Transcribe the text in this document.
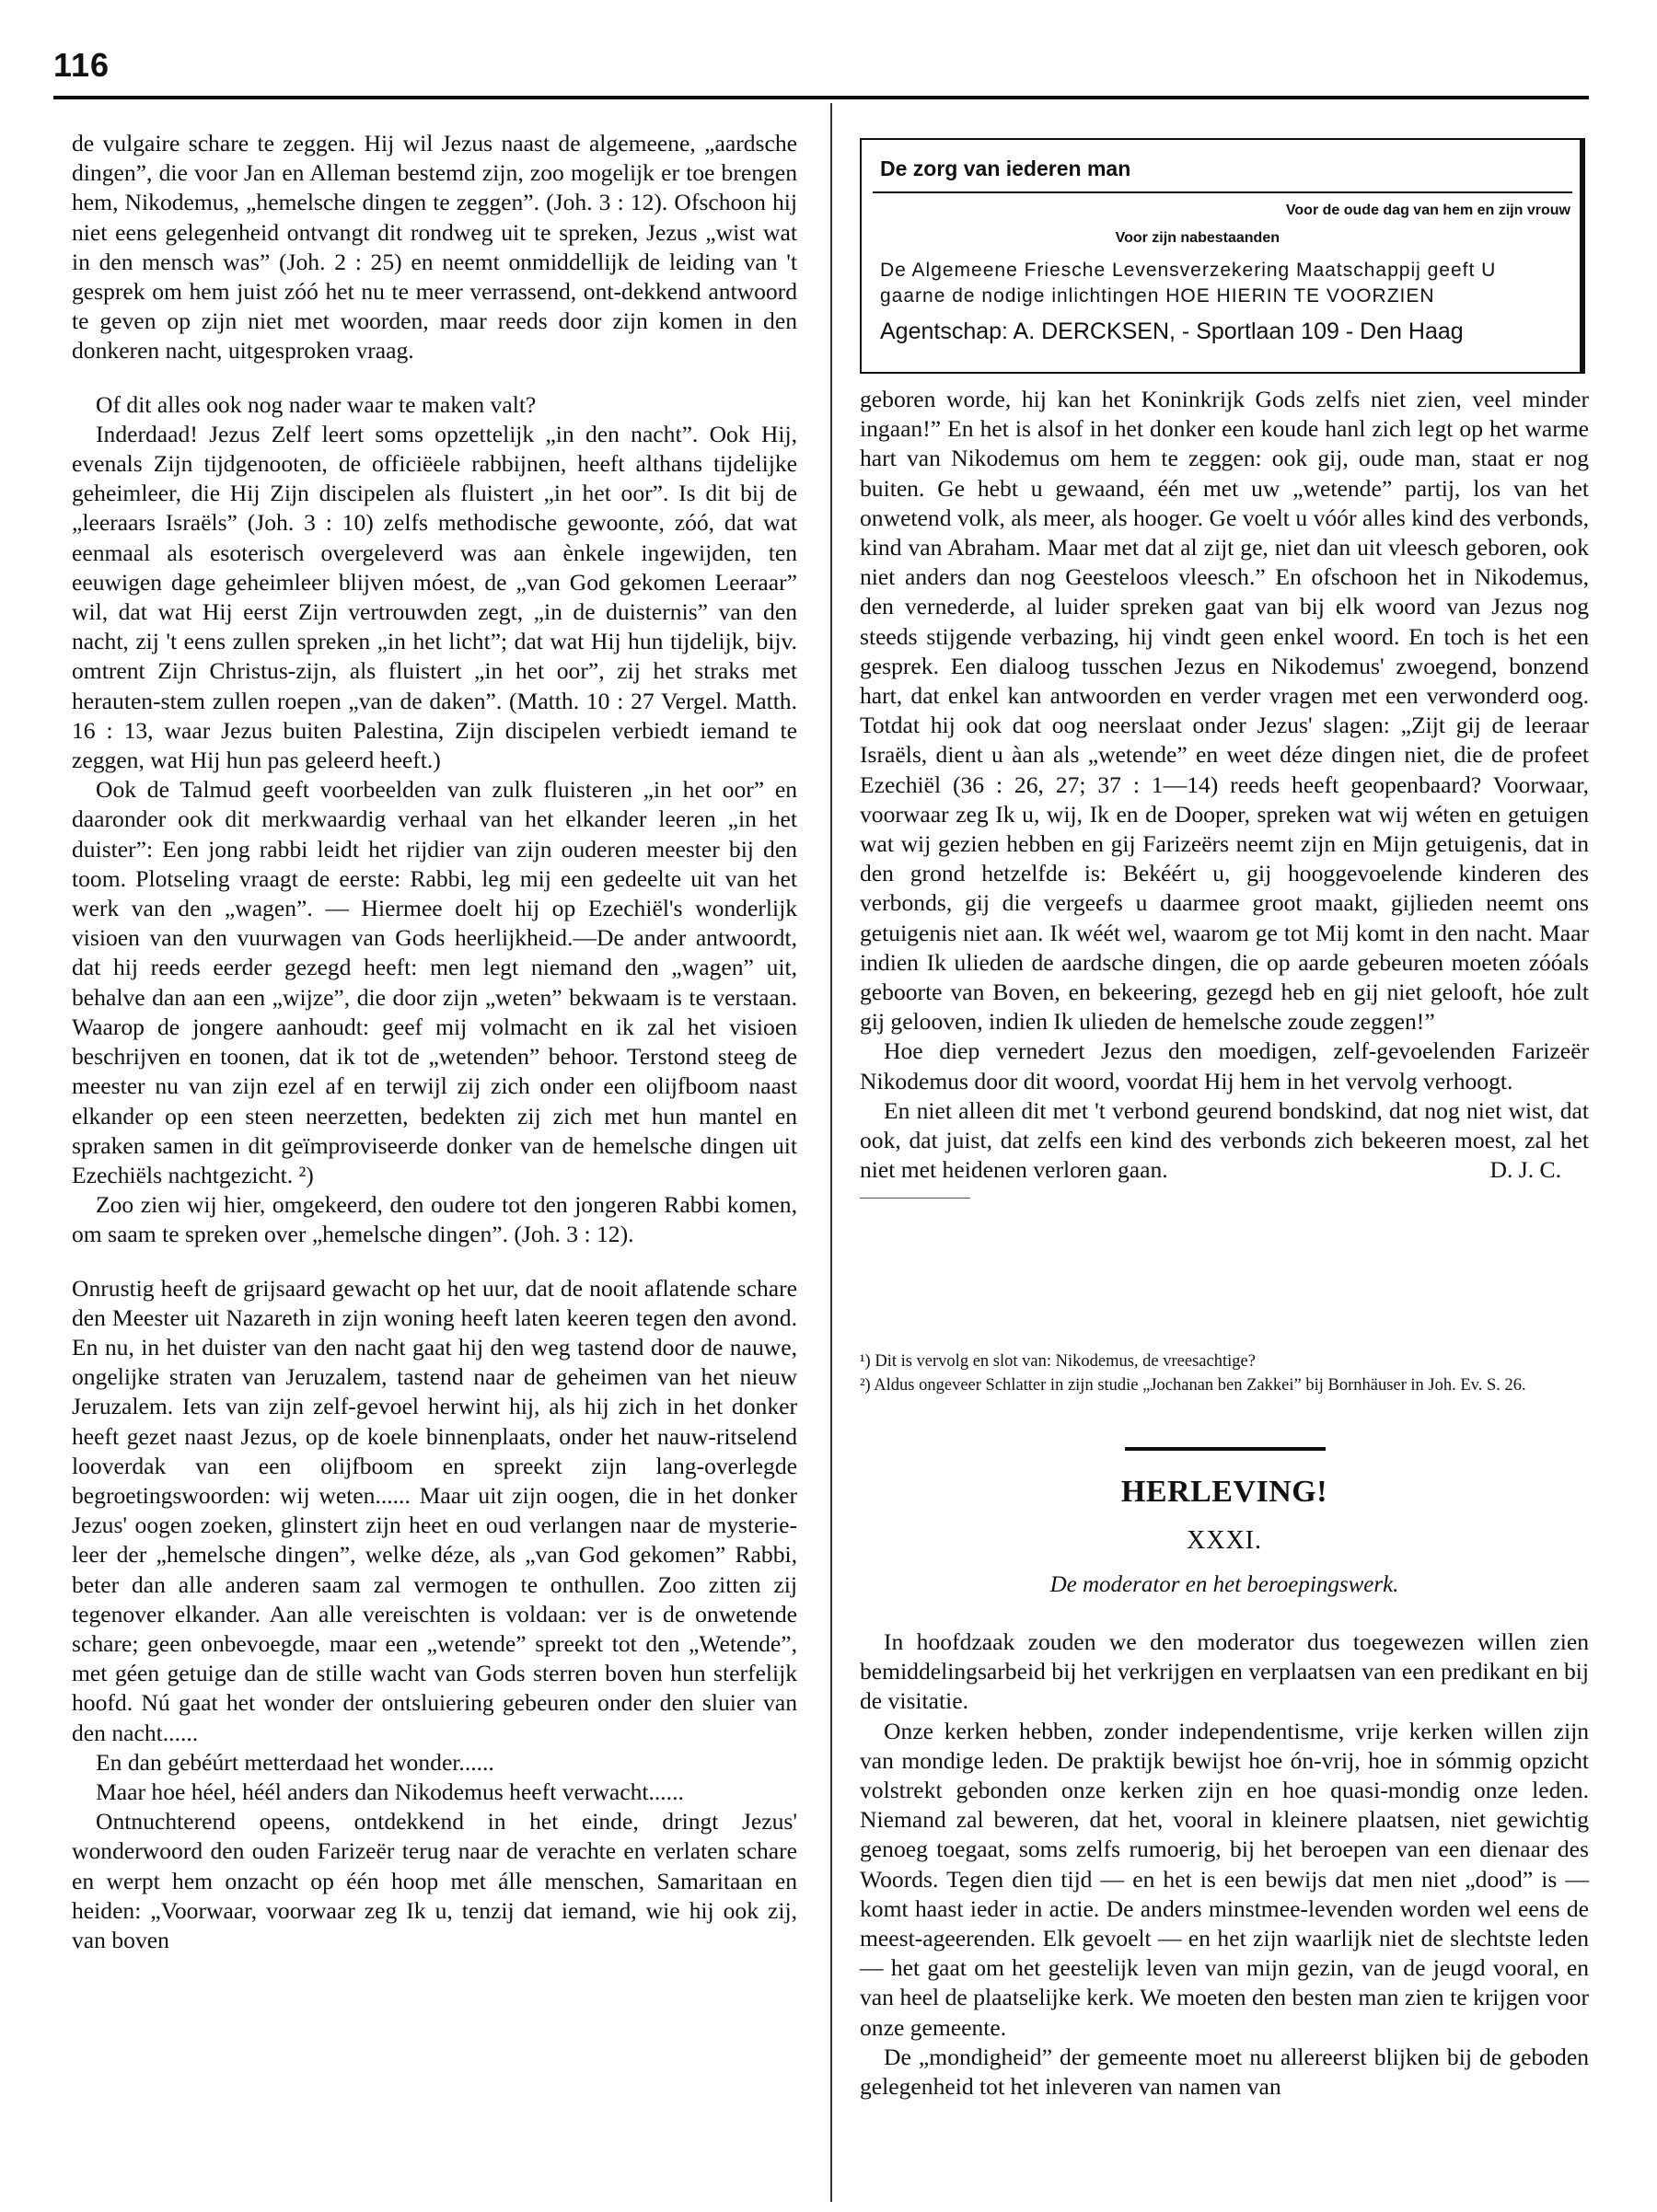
116

de vulgaire schare te zeggen. Hij wil Jezus naast de algemeene, „aardsche dingen”, die voor Jan en Alleman bestemd zijn, zoo mogelijk er toe brengen hem, Nikodemus, „hemelsche dingen te zeggen”. (Joh. 3 : 12). Ofschoon hij niet eens gelegenheid ontvangt dit rondweg uit te spreken, Jezus „wist wat in den mensch was” (Joh. 2 : 25) en neemt onmiddellijk de leiding van 't gesprek om hem juist zóó het nu te meer verrassend, ont-dekkend antwoord te geven op zijn niet met woorden, maar reeds door zijn komen in den donkeren nacht, uitgesproken vraag.

Of dit alles ook nog nader waar te maken valt?

Inderdaad! Jezus Zelf leert soms opzettelijk „in den nacht”. Ook Hij, evenals Zijn tijdgenooten, de officiëele rabbijnen, heeft althans tijdelijke geheimleer, die Hij Zijn discipelen als fluistert „in het oor”. Is dit bij de „leeraars Israëls” (Joh. 3 : 10) zelfs methodische gewoonte, zóó, dat wat eenmaal als esoterisch overgeleverd was aan ènkele ingewijden, ten eeuwigen dage geheimleer blijven móest, de „van God gekomen Leeraar” wil, dat wat Hij eerst Zijn vertrouwden zegt, „in de duisternis” van den nacht, zij 't eens zullen spreken „in het licht”; dat wat Hij hun tijdelijk, bijv. omtrent Zijn Christus-zijn, als fluistert „in het oor”, zij het straks met herauten-stem zullen roepen „van de daken”. (Matth. 10 : 27 Vergel. Matth. 16 : 13, waar Jezus buiten Palestina, Zijn discipelen verbiedt iemand te zeggen, wat Hij hun pas geleerd heeft.)

Ook de Talmud geeft voorbeelden van zulk fluisteren „in het oor” en daaronder ook dit merkwaardig verhaal van het elkander leeren „in het duister”: Een jong rabbi leidt het rijdier van zijn ouderen meester bij den toom. Plotseling vraagt de eerste: Rabbi, leg mij een gedeelte uit van het werk van den „wagen”. — Hiermee doelt hij op Ezechiël's wonderlijk visioen van den vuurwagen van Gods heerlijkheid.—De ander antwoordt, dat hij reeds eerder gezegd heeft: men legt niemand den „wagen” uit, behalve dan aan een „wijze”, die door zijn „weten” bekwaam is te verstaan. Waarop de jongere aanhoudt: geef mij volmacht en ik zal het visioen beschrijven en toonen, dat ik tot de „wetenden” behoor. Terstond steeg de meester nu van zijn ezel af en terwijl zij zich onder een olijfboom naast elkander op een steen neerzetten, bedekten zij zich met hun mantel en spraken samen in dit geïmproviseerde donker van de hemelsche dingen uit Ezechiëls nachtgezicht. ²)

Zoo zien wij hier, omgekeerd, den oudere tot den jongeren Rabbi komen, om saam te spreken over „hemelsche dingen”. (Joh. 3 : 12).

Onrustig heeft de grijsaard gewacht op het uur, dat de nooit aflatende schare den Meester uit Nazareth in zijn woning heeft laten keeren tegen den avond. En nu, in het duister van den nacht gaat hij den weg tastend door de nauwe, ongelijke straten van Jeruzalem, tastend naar de geheimen van het nieuw Jeruzalem. Iets van zijn zelf-gevoel herwint hij, als hij zich in het donker heeft gezet naast Jezus, op de koele binnenplaats, onder het nauw-ritselend looverdak van een olijfboom en spreekt zijn lang-overlegde begroetingswoorden: wij weten...... Maar uit zijn oogen, die in het donker Jezus' oogen zoeken, glinstert zijn heet en oud verlangen naar de mysterie-leer der „hemelsche dingen”, welke déze, als „van God gekomen” Rabbi, beter dan alle anderen saam zal vermogen te onthullen. Zoo zitten zij tegenover elkander. Aan alle vereischten is voldaan: ver is de onwetende schare; geen onbevoegde, maar een „wetende” spreekt tot den „Wetende”, met géen getuige dan de stille wacht van Gods sterren boven hun sterfelijk hoofd. Nú gaat het wonder der ontsluiering gebeuren onder den sluier van den nacht......

En dan gebéúrt metterdaad het wonder......

Maar hoe héel, héél anders dan Nikodemus heeft verwacht......

Ontnuchterend opeens, ontdekkend in het einde, dringt Jezus' wonderwoord den ouden Farizeër terug naar de verachte en verlaten schare en werpt hem onzacht op één hoop met álle menschen, Samaritaan en heiden: „Voorwaar, voorwaar zeg Ik u, tenzij dat iemand, wie hij ook zij, van boven

De zorg van iederen man
Voor de oude dag van hem en zijn vrouw
Voor zijn nabestaanden
De Algemeene Friesche Levensverzekering Maatschappij geeft U
gaarne de nodige inlichtingen HOE HIERIN TE VOORZIEN
Agentschap: A. DERCKSEN, - Sportlaan 109 - Den Haag

geboren worde, hij kan het Koninkrijk Gods zelfs niet zien, veel minder ingaan!” En het is alsof in het donker een koude hanl zich legt op het warme hart van Nikodemus om hem te zeggen: ook gij, oude man, staat er nog buiten. Ge hebt u gewaand, één met uw „wetende” partij, los van het onwetend volk, als meer, als hooger. Ge voelt u vóór alles kind des verbonds, kind van Abraham. Maar met dat al zijt ge, niet dan uit vleesch geboren, ook niet anders dan nog Geesteloos vleesch.” En ofschoon het in Nikodemus, den vernederde, al luider spreken gaat van bij elk woord van Jezus nog steeds stijgende verbazing, hij vindt geen enkel woord. En toch is het een gesprek. Een dialoog tusschen Jezus en Nikodemus' zwoegend, bonzend hart, dat enkel kan antwoorden en verder vragen met een verwonderd oog. Totdat hij ook dat oog neerslaat onder Jezus' slagen: „Zijt gij de leeraar Israëls, dient u àan als „wetende” en weet déze dingen niet, die de profeet Ezechiël (36 : 26, 27; 37 : 1—14) reeds heeft geopenbaard? Voorwaar, voorwaar zeg Ik u, wij, Ik en de Dooper, spreken wat wij wéten en getuigen wat wij gezien hebben en gij Farizeërs neemt zijn en Mijn getuigenis, dat in den grond hetzelfde is: Bekéért u, gij hooggevoelende kinderen des verbonds, gij die vergeefs u daarmee groot maakt, gijlieden neemt ons getuigenis niet aan. Ik wéét wel, waarom ge tot Mij komt in den nacht. Maar indien Ik ulieden de aardsche dingen, die op aarde gebeuren moeten zóóals geboorte van Boven, en bekeering, gezegd heb en gij niet gelooft, hóe zult gij gelooven, indien Ik ulieden de hemelsche zoude zeggen!”

Hoe diep vernedert Jezus den moedigen, zelf-gevoelenden Farizeër Nikodemus door dit woord, voordat Hij hem in het vervolg verhoogt.

En niet alleen dit met 't verbond geurend bondskind, dat nog niet wist, dat ook, dat juist, dat zelfs een kind des verbonds zich bekeeren moest, zal het niet met heidenen verloren gaan.	D. J. C.

¹) Dit is vervolg en slot van: Nikodemus, de vreesachtige?
²) Aldus ongeveer Schlatter in zijn studie „Jochanan ben Zakkei” bij Bornhäuser in Joh. Ev. S. 26.
HERLEVING!
XXXI.
De moderator en het beroepingswerk.

In hoofdzaak zouden we den moderator dus toegewezen willen zien bemiddelingsarbeid bij het verkrijgen en verplaatsen van een predikant en bij de visitatie.

Onze kerken hebben, zonder independentisme, vrije kerken willen zijn van mondige leden. De praktijk bewijst hoe ón-vrij, hoe in sómmig opzicht volstrekt gebonden onze kerken zijn en hoe quasi-mondig onze leden. Niemand zal beweren, dat het, vooral in kleinere plaatsen, niet gewichtig genoeg toegaat, soms zelfs rumoerig, bij het beroepen van een dienaar des Woords. Tegen dien tijd — en het is een bewijs dat men niet „dood” is — komt haast ieder in actie. De anders minstmee-levenden worden wel eens de meest-ageerenden. Elk gevoelt — en het zijn waarlijk niet de slechtste leden — het gaat om het geestelijk leven van mijn gezin, van de jeugd vooral, en van heel de plaatselijke kerk. We moeten den besten man zien te krijgen voor onze gemeente.

De „mondigheid” der gemeente moet nu allereerst blijken bij de geboden gelegenheid tot het inleveren van namen van
